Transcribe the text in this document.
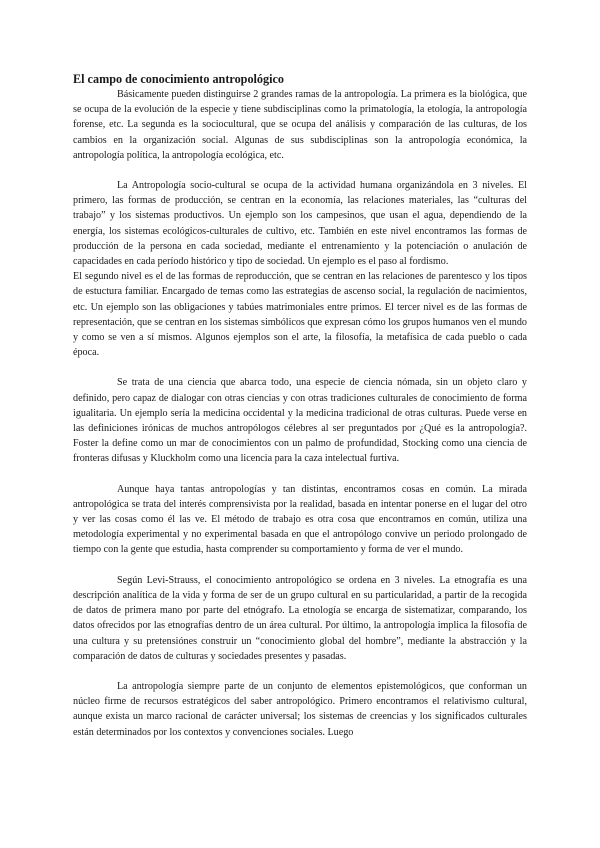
El campo de conocimiento antropológico

Básicamente pueden distinguirse 2 grandes ramas de la antropología. La primera es la biológica, que se ocupa de la evolución de la especie y tiene subdisciplinas como la primatología, la etología, la antropología forense, etc. La segunda es la sociocultural, que se ocupa del análisis y comparación de las culturas, de los cambios en la organización social. Algunas de sus subdisciplinas son la antropología económica, la antropología política, la antropología ecológica, etc.

La Antropología socio-cultural se ocupa de la actividad humana organizándola en 3 niveles. El primero, las formas de producción, se centran en la economía, las relaciones materiales, las “culturas del trabajo” y los sistemas productivos. Un ejemplo son los campesinos, que usan el agua, dependiendo de la energía, los sistemas ecológicos-culturales de cultivo, etc. También en este nivel encontramos las formas de producción de la persona en cada sociedad, mediante el entrenamiento y la potenciación o anulación de capacidades en cada período histórico y tipo de sociedad. Un ejemplo es el paso al fordismo.

El segundo nivel es el de las formas de reproducción, que se centran en las relaciones de parentesco y los tipos de estuctura familiar. Encargado de temas como las estrategias de ascenso social, la regulación de nacimientos, etc. Un ejemplo son las obligaciones y tabúes matrimoniales entre primos. El tercer nivel es de las formas de representación, que se centran en los sistemas simbólicos que expresan cómo los grupos humanos ven el mundo y como se ven a sí mismos. Algunos ejemplos son el arte, la filosofía, la metafísica de cada pueblo o cada época.

Se trata de una ciencia que abarca todo, una especie de ciencia nómada, sin un objeto claro y definido, pero capaz de dialogar con otras ciencias y con otras tradiciones culturales de conocimiento de forma igualitaria. Un ejemplo sería la medicina occidental y la medicina tradicional de otras culturas. Puede verse en las definiciones irónicas de muchos antropólogos célebres al ser preguntados por ¿Qué es la antropología?. Foster la define como un mar de conocimientos con un palmo de profundidad, Stocking como una ciencia de fronteras difusas y Kluckholm como una licencia para la caza intelectual furtiva.

Aunque haya tantas antropologías y tan distintas, encontramos cosas en común. La mirada antropológica se trata del interés comprensivista por la realidad, basada en intentar ponerse en el lugar del otro y ver las cosas como él las ve. El método de trabajo es otra cosa que encontramos en común, utiliza una metodología experimental y no experimental basada en que el antropólogo convive un periodo prolongado de tiempo con la gente que estudia, hasta comprender su comportamiento y forma de ver el mundo.

Según Levi-Strauss, el conocimiento antropológico se ordena en 3 niveles. La etnografía es una descripción analítica de la vida y forma de ser de un grupo cultural en su particularidad, a partir de la recogida de datos de primera mano por parte del etnógrafo. La etnología se encarga de sistematizar, comparando, los datos ofrecidos por las etnografías dentro de un área cultural. Por último, la antropología implica la filosofía de una cultura y su pretensiónes construir un “conocimiento global del hombre”, mediante la abstracción y la comparación de datos de culturas y sociedades presentes y pasadas.

La antropología siempre parte de un conjunto de elementos epistemológicos, que conforman un núcleo firme de recursos estratégicos del saber antropológico. Primero encontramos el relativismo cultural, aunque exista un marco racional de carácter universal; los sistemas de creencias y los significados culturales están determinados por los contextos y convenciones sociales. Luego
